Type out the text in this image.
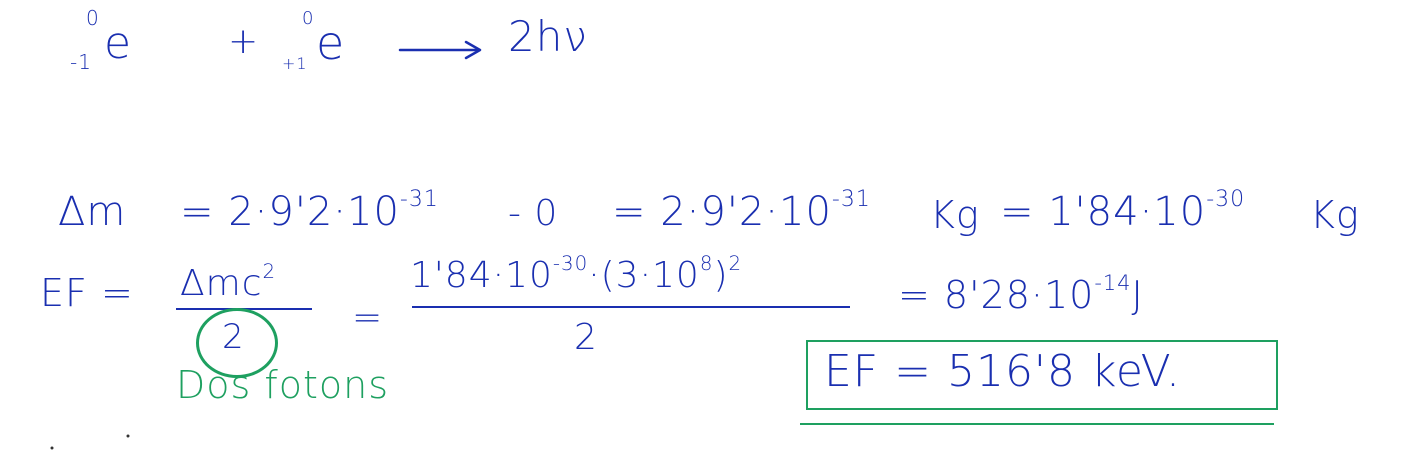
0
-1 e	+
0
+1 e	2hν
$\Delta m = 2\cdot 9'2\cdot 10^{-31} - 0 = 2\cdot 9'2\cdot 10^{-31}$ $Kg = 1'84\cdot 10^{-30}$ Kg
EF = Δmc$^2$
2	=
$1'84\cdot 10^{-30}\cdot(3\cdot 10^8)^2$
2
= $8'28\cdot 10^{-14}J$
Dos fotons	EF = 516'8 keV.
